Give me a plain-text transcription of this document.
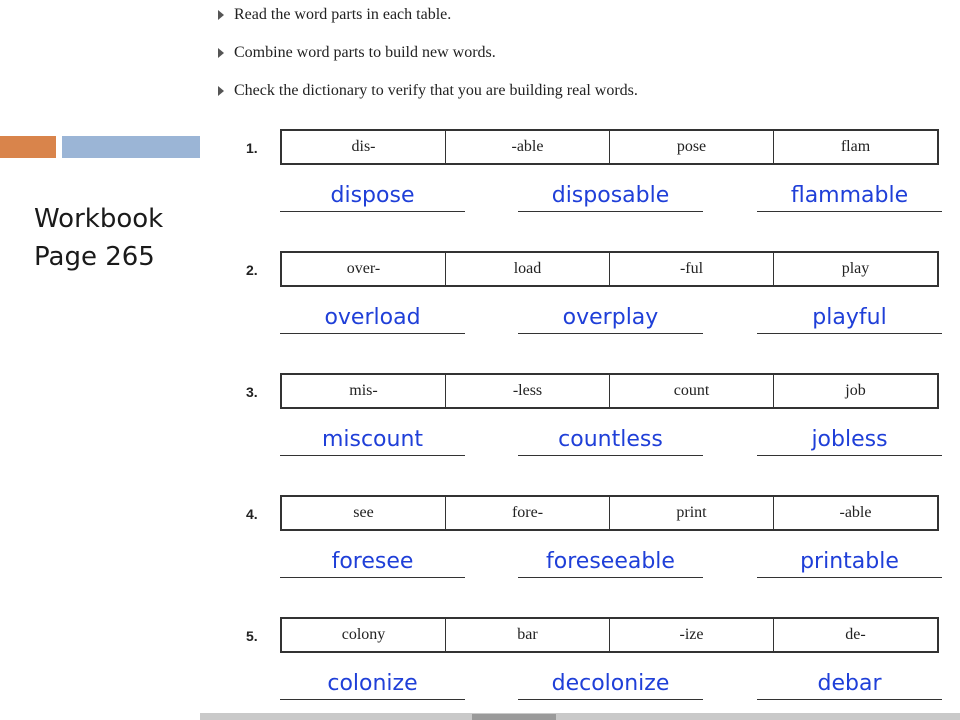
Workbook
Page 265
Read the word parts in each table.
Combine word parts to build new words.
Check the dictionary to verify that you are building real words.
1.	dis-	-able	pose	flam
dispose	disposable	flammable
2.	over-	load	-ful	play
overload	overplay	playful
3.	mis-	-less	count	job
miscount	countless	jobless
4.	see	fore-	print	-able
foresee	foreseeable	printable
5.	colony	bar	-ize	de-
colonize	decolonize	debar
